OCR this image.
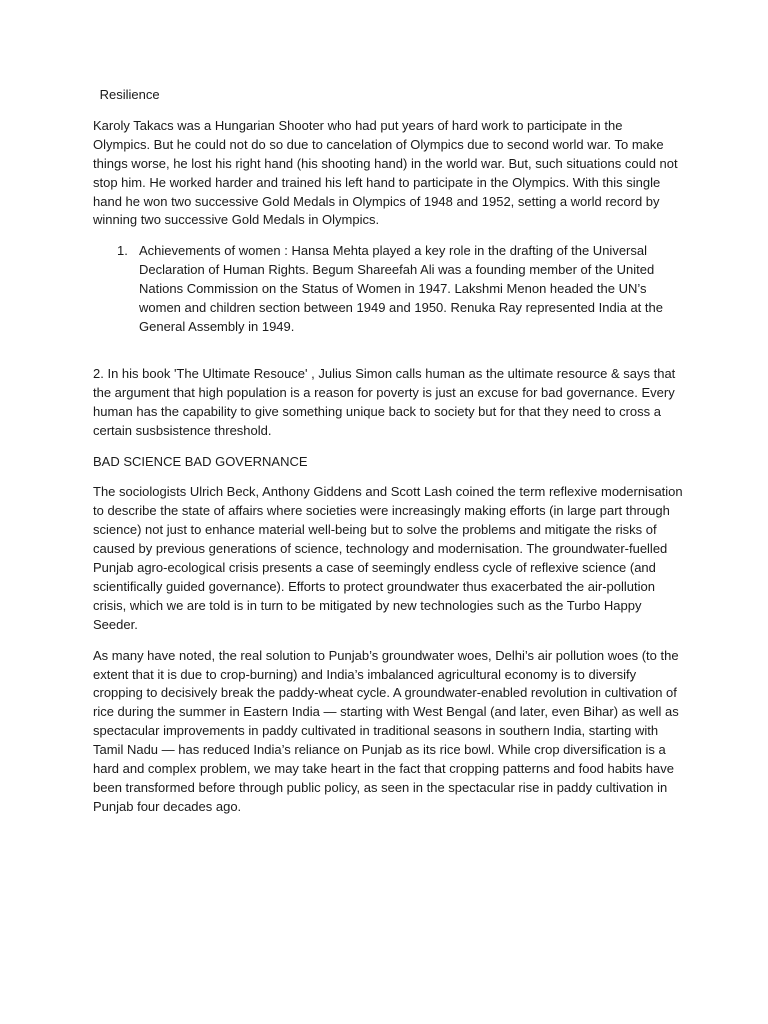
Resilience

Karoly Takacs was a Hungarian Shooter who had put years of hard work to participate in the Olympics. But he could not do so due to cancelation of Olympics due to second world war. To make things worse, he lost his right hand (his shooting hand) in the world war. But, such situations could not stop him. He worked harder and trained his left hand to participate in the Olympics. With this single hand he won two successive Gold Medals in Olympics of 1948 and 1952, setting a world record by winning two successive Gold Medals in Olympics.

1. Achievements of women : Hansa Mehta played a key role in the drafting of the Universal Declaration of Human Rights. Begum Shareefah Ali was a founding member of the United Nations Commission on the Status of Women in 1947. Lakshmi Menon headed the UN’s women and children section between 1949 and 1950. Renuka Ray represented India at the General Assembly in 1949.

2. In his book 'The Ultimate Resouce' , Julius Simon calls human as the ultimate resource & says that the argument that high population is a reason for poverty is just an excuse for bad governance. Every human has the capability to give something unique back to society but for that they need to cross a certain susbsistence threshold.

BAD SCIENCE BAD GOVERNANCE

The sociologists Ulrich Beck, Anthony Giddens and Scott Lash coined the term reflexive modernisation to describe the state of affairs where societies were increasingly making efforts (in large part through science) not just to enhance material well-being but to solve the problems and mitigate the risks of caused by previous generations of science, technology and modernisation. The groundwater-fuelled Punjab agro-ecological crisis presents a case of seemingly endless cycle of reflexive science (and scientifically guided governance). Efforts to protect groundwater thus exacerbated the air-pollution crisis, which we are told is in turn to be mitigated by new technologies such as the Turbo Happy Seeder.

As many have noted, the real solution to Punjab’s groundwater woes, Delhi’s air pollution woes (to the extent that it is due to crop-burning) and India’s imbalanced agricultural economy is to diversify cropping to decisively break the paddy-wheat cycle. A groundwater-enabled revolution in cultivation of rice during the summer in Eastern India — starting with West Bengal (and later, even Bihar) as well as spectacular improvements in paddy cultivated in traditional seasons in southern India, starting with Tamil Nadu — has reduced India’s reliance on Punjab as its rice bowl. While crop diversification is a hard and complex problem, we may take heart in the fact that cropping patterns and food habits have been transformed before through public policy, as seen in the spectacular rise in paddy cultivation in Punjab four decades ago.
